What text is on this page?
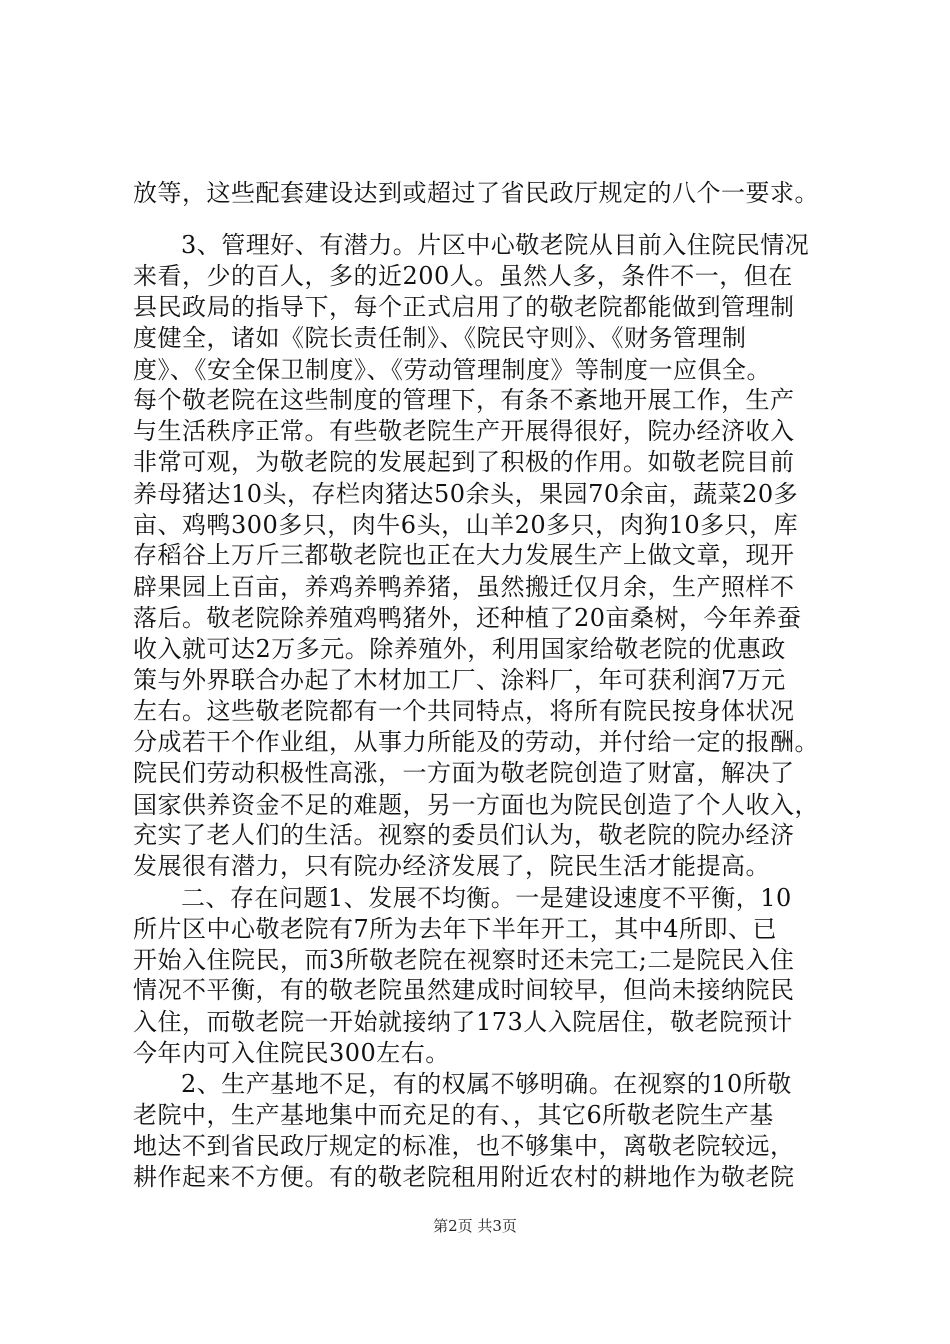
放等，这些配套建设达到或超过了省民政厅规定的八个一要求。
3、管理好、有潜力。片区中心敬老院从目前入住院民情况
来看，少的百人，多的近200人。虽然人多，条件不一，但在
县民政局的指导下，每个正式启用了的敬老院都能做到管理制
度健全，诸如《院长责任制》、《院民守则》、《财务管理制
度》、《安全保卫制度》、《劳动管理制度》等制度一应俱全。
每个敬老院在这些制度的管理下，有条不紊地开展工作，生产
与生活秩序正常。有些敬老院生产开展得很好，院办经济收入
非常可观，为敬老院的发展起到了积极的作用。如敬老院目前
养母猪达10头，存栏肉猪达50余头，果园70余亩，蔬菜20多
亩、鸡鸭300多只，肉牛6头，山羊20多只，肉狗10多只，库
存稻谷上万斤三都敬老院也正在大力发展生产上做文章，现开
辟果园上百亩，养鸡养鸭养猪，虽然搬迁仅月余，生产照样不
落后。敬老院除养殖鸡鸭猪外，还种植了20亩桑树，今年养蚕
收入就可达2万多元。除养殖外，利用国家给敬老院的优惠政
策与外界联合办起了木材加工厂、涂料厂，年可获利润7万元
左右。这些敬老院都有一个共同特点，将所有院民按身体状况
分成若干个作业组，从事力所能及的劳动，并付给一定的报酬。
院民们劳动积极性高涨，一方面为敬老院创造了财富，解决了
国家供养资金不足的难题，另一方面也为院民创造了个人收入，
充实了老人们的生活。视察的委员们认为，敬老院的院办经济
发展很有潜力，只有院办经济发展了，院民生活才能提高。
二、存在问题1、发展不均衡。一是建设速度不平衡，10
所片区中心敬老院有7所为去年下半年开工，其中4所即、已
开始入住院民，而3所敬老院在视察时还未完工;二是院民入住
情况不平衡，有的敬老院虽然建成时间较早，但尚未接纳院民
入住，而敬老院一开始就接纳了173人入院居住，敬老院预计
今年内可入住院民300左右。
2、生产基地不足，有的权属不够明确。在视察的10所敬
老院中，生产基地集中而充足的有、，其它6所敬老院生产基
地达不到省民政厅规定的标准，也不够集中，离敬老院较远，
耕作起来不方便。有的敬老院租用附近农村的耕地作为敬老院
第2页 共3页
